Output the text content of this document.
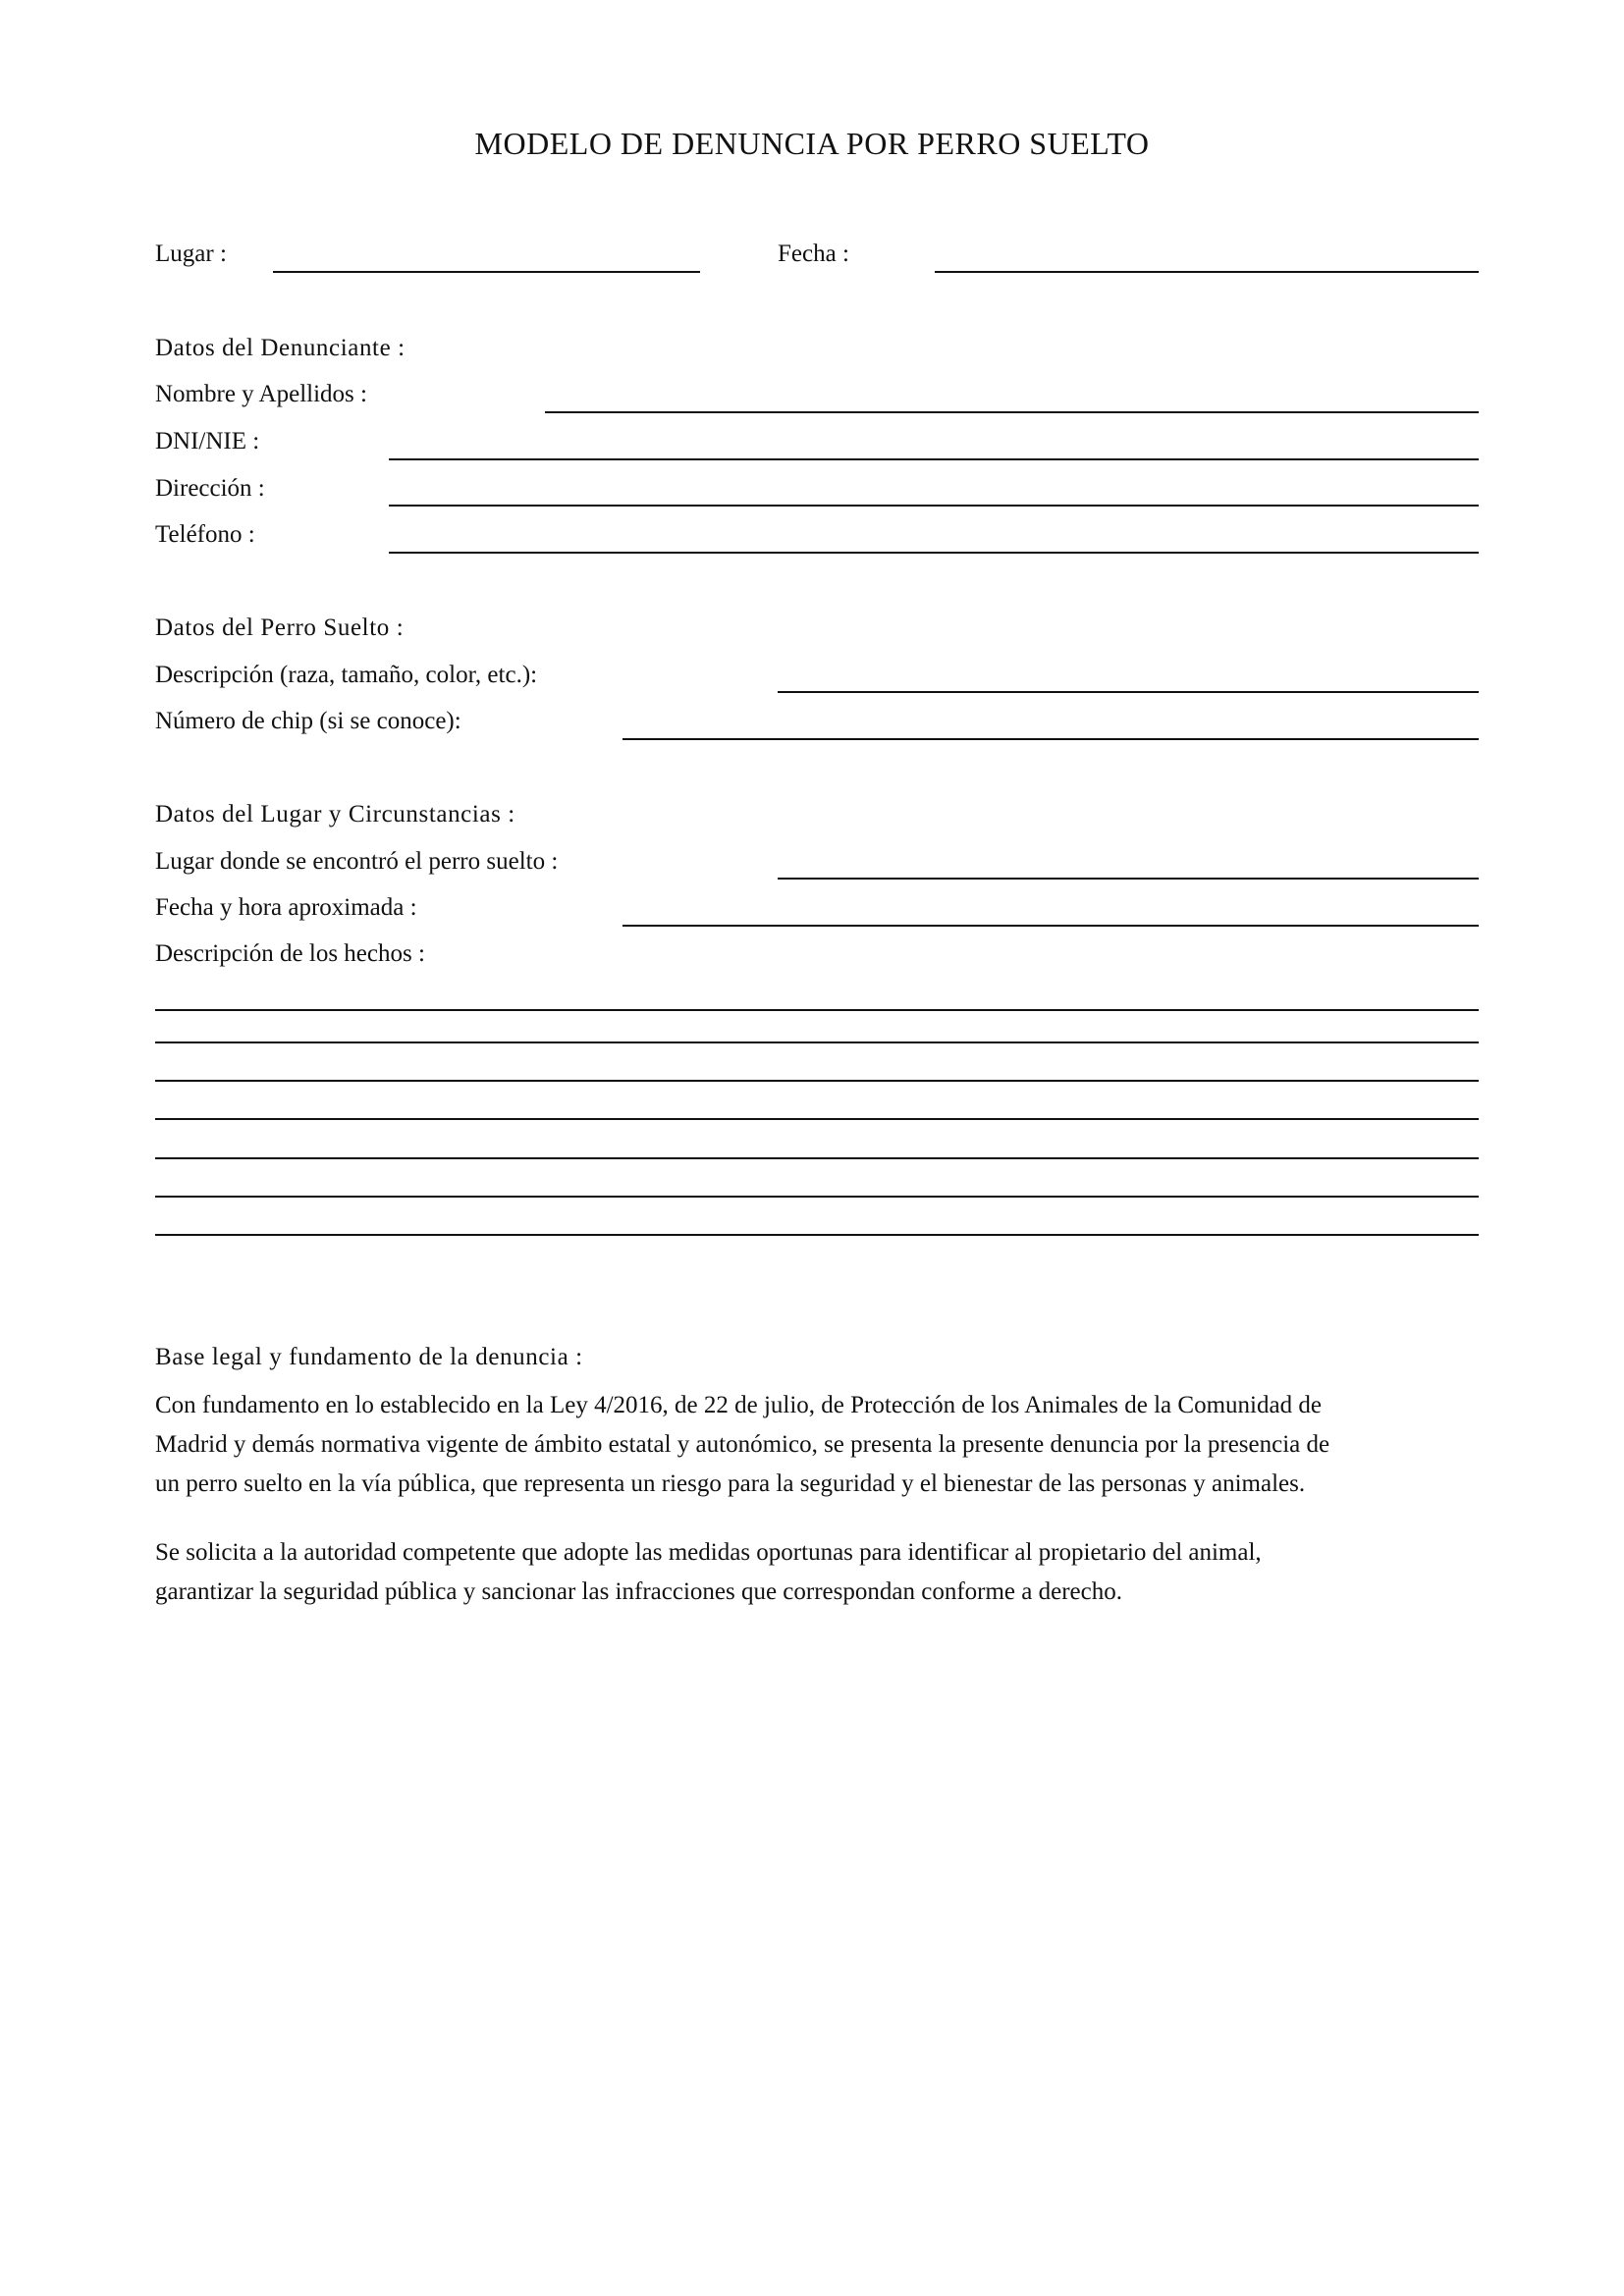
MODELO DE DENUNCIA POR PERRO SUELTO
Lugar :	Fecha :
Datos del Denunciante :
Nombre y Apellidos :
DNI/NIE :
Dirección :
Teléfono :
Datos del Perro Suelto :
Descripción (raza, tamaño, color, etc.):
Número de chip (si se conoce):
Datos del Lugar y Circunstancias :
Lugar donde se encontró el perro suelto :
Fecha y hora aproximada :
Descripción de los hechos :
Base legal y fundamento de la denuncia :
Con fundamento en lo establecido en la Ley 4/2016, de 22 de julio, de Protección de los Animales de la Comunidad de
Madrid y demás normativa vigente de ámbito estatal y autonómico, se presenta la presente denuncia por la presencia de
un perro suelto en la vía pública, que representa un riesgo para la seguridad y el bienestar de las personas y animales.
Se solicita a la autoridad competente que adopte las medidas oportunas para identificar al propietario del animal,
garantizar la seguridad pública y sancionar las infracciones que correspondan conforme a derecho.
